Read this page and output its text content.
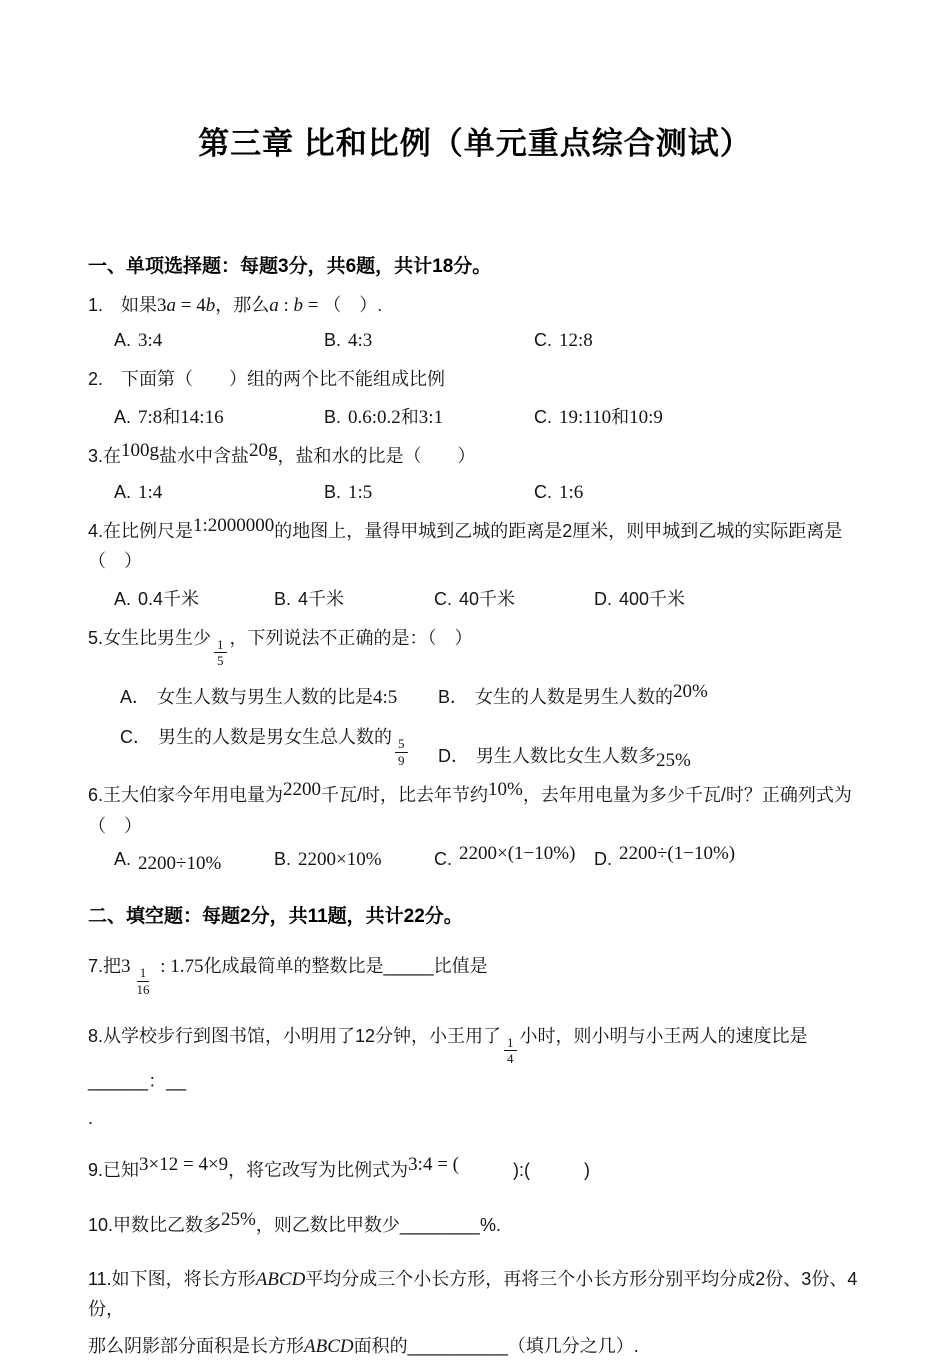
第三章 比和比例（单元重点综合测试）
一、单项选择题：每题3分，共6题，共计18分。
1.　如果3a = 4b，那么a : b = （　）.
A. 3:4	B. 4:3	C. 12:8
2.　下面第（　　）组的两个比不能组成比例
A. 7:8和14:16	B. 0.6:0.2和3:1	C. 19:110和10:9
3.在100g盐水中含盐20g，盐和水的比是（　　）
A. 1:4	B. 1:5	C. 1:6
4.在比例尺是1:2000000的地图上，量得甲城到乙城的距离是2厘米，则甲城到乙城的实际距离是（　）
A. 0.4千米	B. 4千米	C. 40千米	D. 400千米
5.女生比男生少 $\frac{1}{5}$ ，下列说法不正确的是：（　）
A． 女生人数与男生人数的比是4:5	B． 女生的人数是男生人数的20%
C． 男生的人数是男女生总人数的 $\frac{5}{9}$ D． 男生人数比女生人数多25%
6.王大伯家今年用电量为2200千瓦/时，比去年节约10%，去年用电量为多少千瓦/时？正确列式为（　）
A. 2200÷10%	B. 2200×10%	C. 2200×(1−10%)	D. 2200÷(1−10%)
二、填空题：每题2分，共11题，共计22分。
7.把$3 \frac{1}{16}$ : 1.75化成最简单的整数比是_____比值是
8.从学校步行到图书馆，小明用了12分钟，小王用了 $\frac{1}{4}$ 小时，则小明与小王两人的速度比是______：__
.
9.已知3×12 = 4×9，将它改写为比例式为3:4 = (　　　):(　　　)
10.甲数比乙数多25%，则乙数比甲数少________%.
11.如下图，将长方形ABCD平均分成三个小长方形，再将三个小长方形分别平均分成2份、3份、4份，
那么阴影部分面积是长方形ABCD面积的__________（填几分之几）.
